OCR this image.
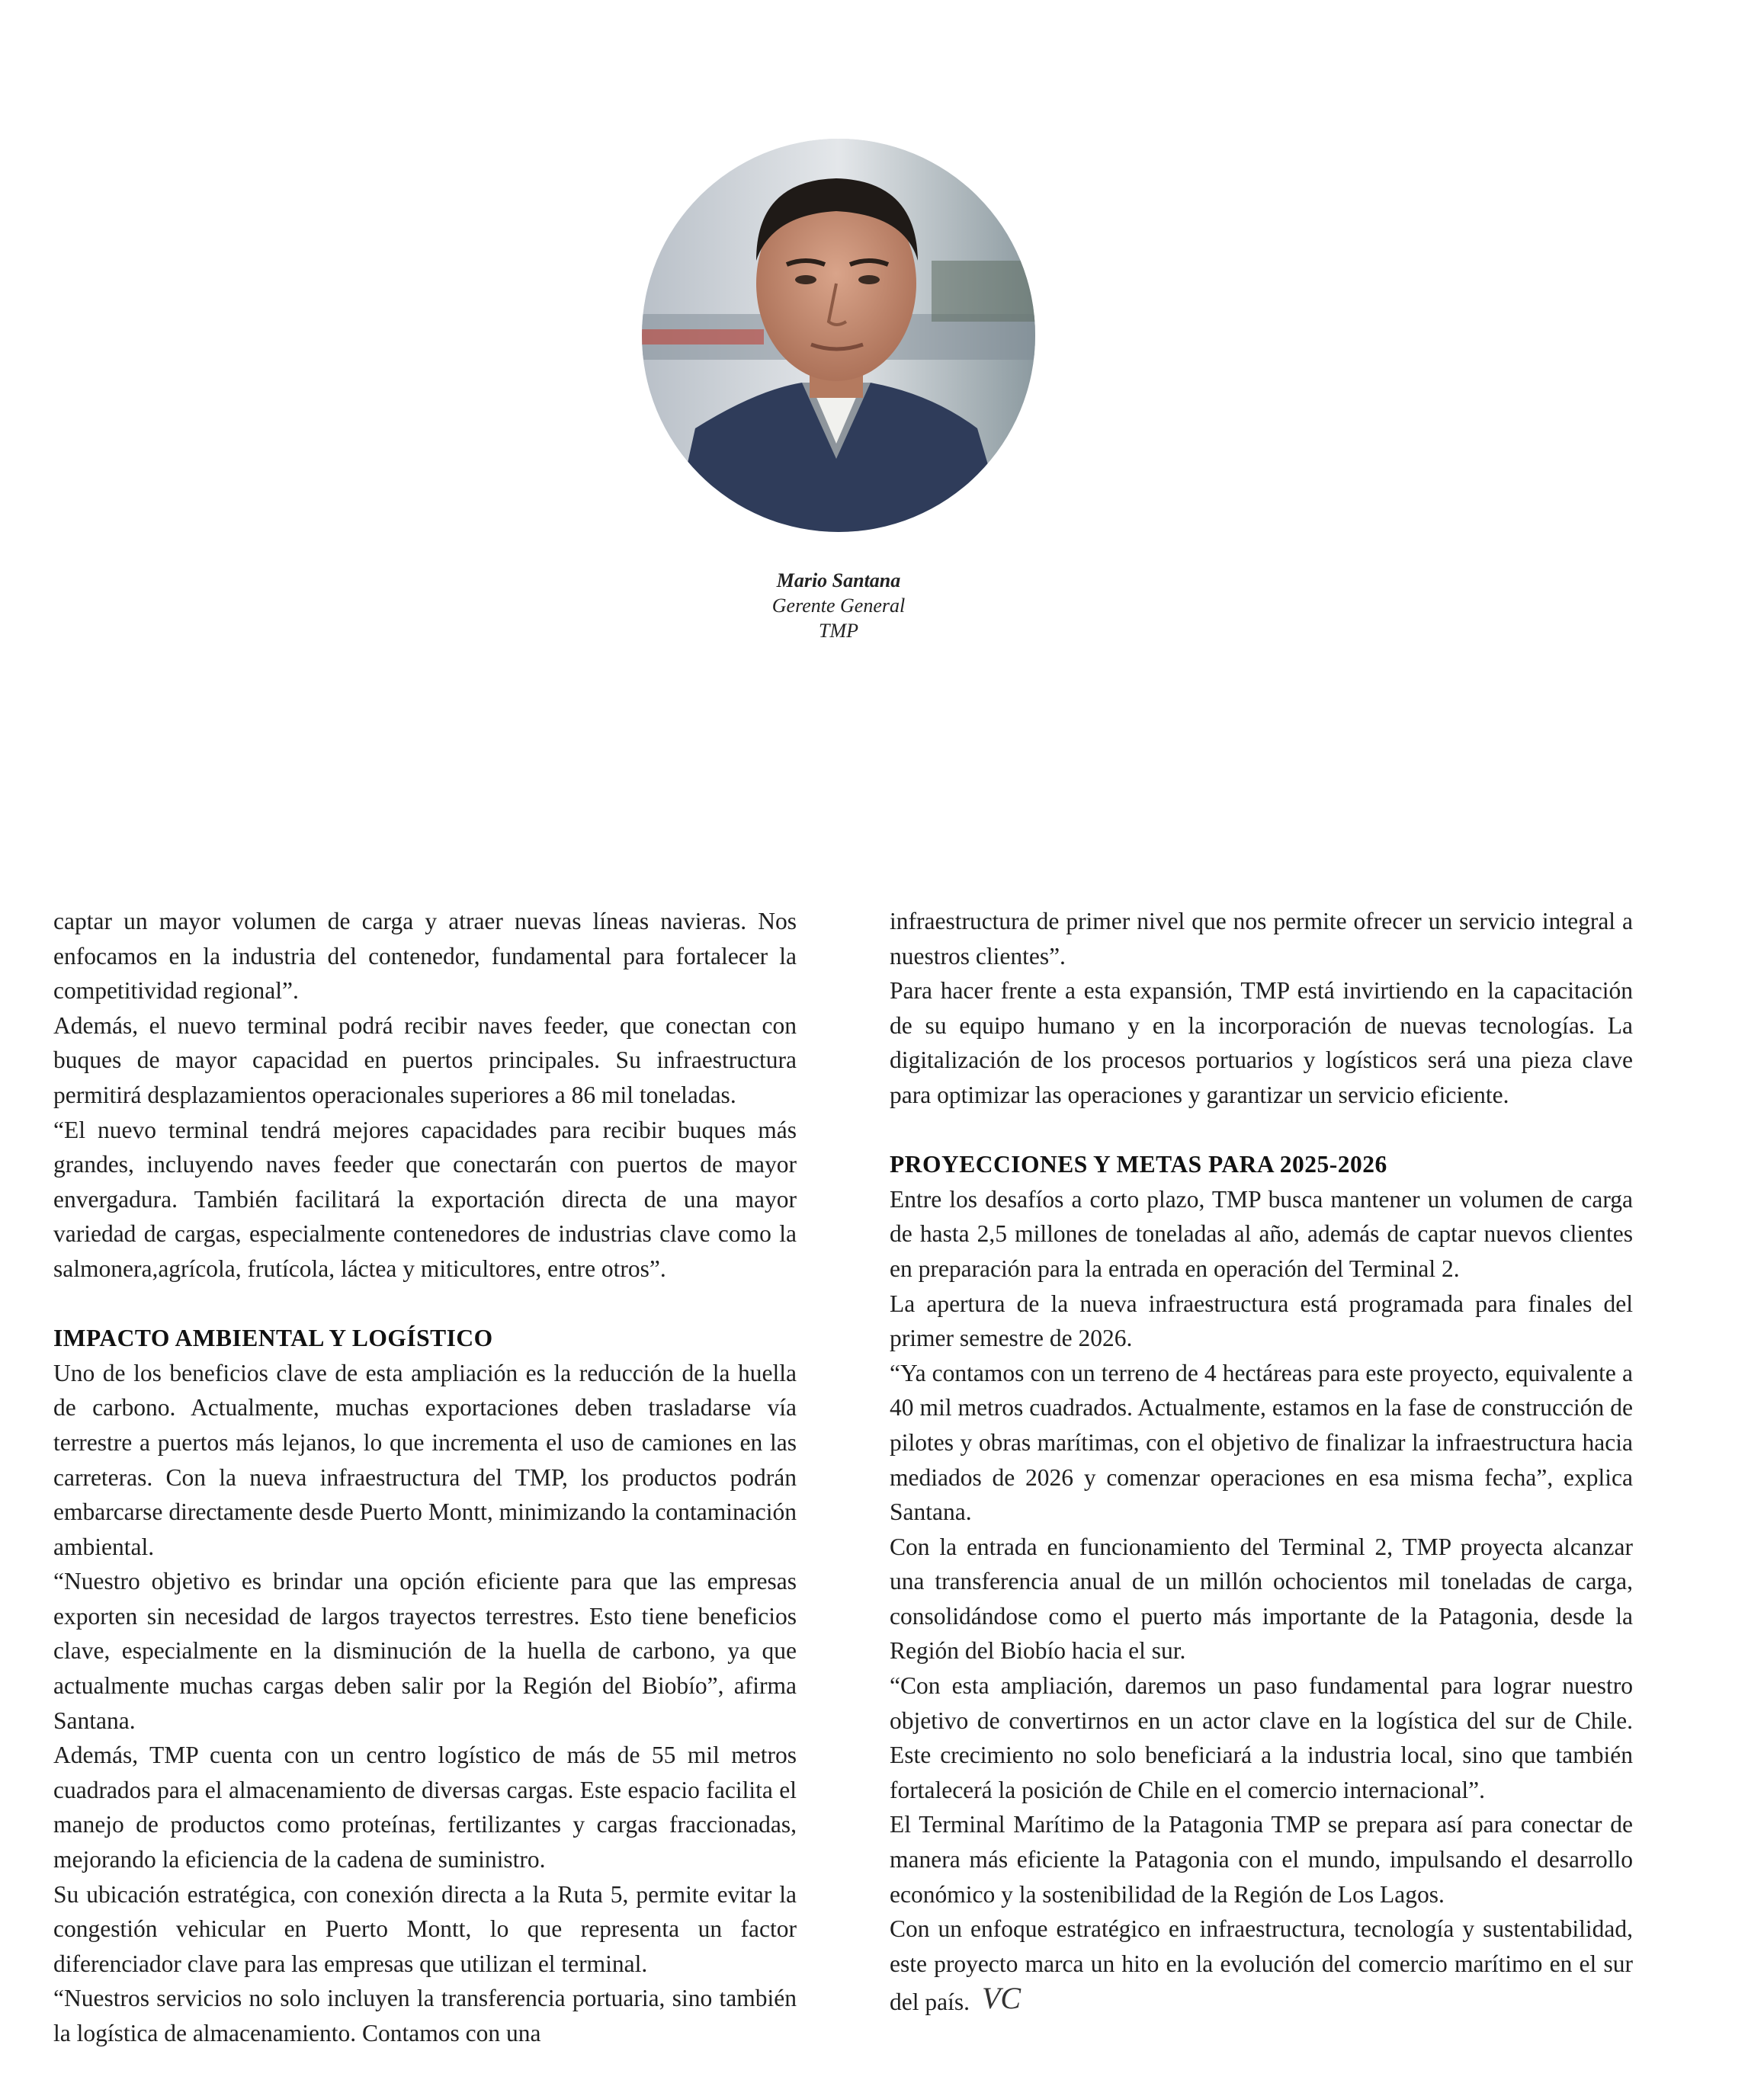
Mario Santana
Gerente General
TMP

captar un mayor volumen de carga y atraer nuevas líneas navieras. Nos enfocamos en la industria del contenedor, fundamental para fortalecer la competitividad regional”.

Además, el nuevo terminal podrá recibir naves feeder, que conectan con buques de mayor capacidad en puertos principales. Su infraestructura permitirá desplazamientos operacionales superiores a 86 mil toneladas.

“El nuevo terminal tendrá mejores capacidades para recibir buques más grandes, incluyendo naves feeder que conectarán con puertos de mayor envergadura. También facilitará la exportación directa de una mayor variedad de cargas, especialmente contenedores de industrias clave como la salmonera,agrícola, frutícola, láctea y miticultores, entre otros”.

IMPACTO AMBIENTAL Y LOGÍSTICO

Uno de los beneficios clave de esta ampliación es la reducción de la huella de carbono. Actualmente, muchas exportaciones deben trasladarse vía terrestre a puertos más lejanos, lo que incrementa el uso de camiones en las carreteras. Con la nueva infraestructura del TMP, los productos podrán embarcarse directamente desde Puerto Montt, minimizando la contaminación ambiental.

“Nuestro objetivo es brindar una opción eficiente para que las empresas exporten sin necesidad de largos trayectos terrestres. Esto tiene beneficios clave, especialmente en la disminución de la huella de carbono, ya que actualmente muchas cargas deben salir por la Región del Biobío”, afirma Santana.

Además, TMP cuenta con un centro logístico de más de 55 mil metros cuadrados para el almacenamiento de diversas cargas. Este espacio facilita el manejo de productos como proteínas, fertilizantes y cargas fraccionadas, mejorando la eficiencia de la cadena de suministro.

Su ubicación estratégica, con conexión directa a la Ruta 5, permite evitar la congestión vehicular en Puerto Montt, lo que representa un factor diferenciador clave para las empresas que utilizan el terminal.

“Nuestros servicios no solo incluyen la transferencia portuaria, sino también la logística de almacenamiento. Contamos con una

infraestructura de primer nivel que nos permite ofrecer un servicio integral a nuestros clientes”.

Para hacer frente a esta expansión, TMP está invirtiendo en la capacitación de su equipo humano y en la incorporación de nuevas tecnologías. La digitalización de los procesos portuarios y logísticos será una pieza clave para optimizar las operaciones y garantizar un servicio eficiente.

PROYECCIONES Y METAS PARA 2025-2026

Entre los desafíos a corto plazo, TMP busca mantener un volumen de carga de hasta 2,5 millones de toneladas al año, además de captar nuevos clientes en preparación para la entrada en operación del Terminal 2.

La apertura de la nueva infraestructura está programada para finales del primer semestre de 2026.

“Ya contamos con un terreno de 4 hectáreas para este proyecto, equivalente a 40 mil metros cuadrados. Actualmente, estamos en la fase de construcción de pilotes y obras marítimas, con el objetivo de finalizar la infraestructura hacia mediados de 2026 y comenzar operaciones en esa misma fecha”, explica Santana.

Con la entrada en funcionamiento del Terminal 2, TMP proyecta alcanzar una transferencia anual de un millón ochocientos mil toneladas de carga, consolidándose como el puerto más importante de la Patagonia, desde la Región del Biobío hacia el sur.

“Con esta ampliación, daremos un paso fundamental para lograr nuestro objetivo de convertirnos en un actor clave en la logística del sur de Chile. Este crecimiento no solo beneficiará a la industria local, sino que también fortalecerá la posición de Chile en el comercio internacional”.

El Terminal Marítimo de la Patagonia TMP se prepara así para conectar de manera más eficiente la Patagonia con el mundo, impulsando el desarrollo económico y la sostenibilidad de la Región de Los Lagos.

Con un enfoque estratégico en infraestructura, tecnología y sustentabilidad, este proyecto marca un hito en la evolución del comercio marítimo en el sur del país. VC
